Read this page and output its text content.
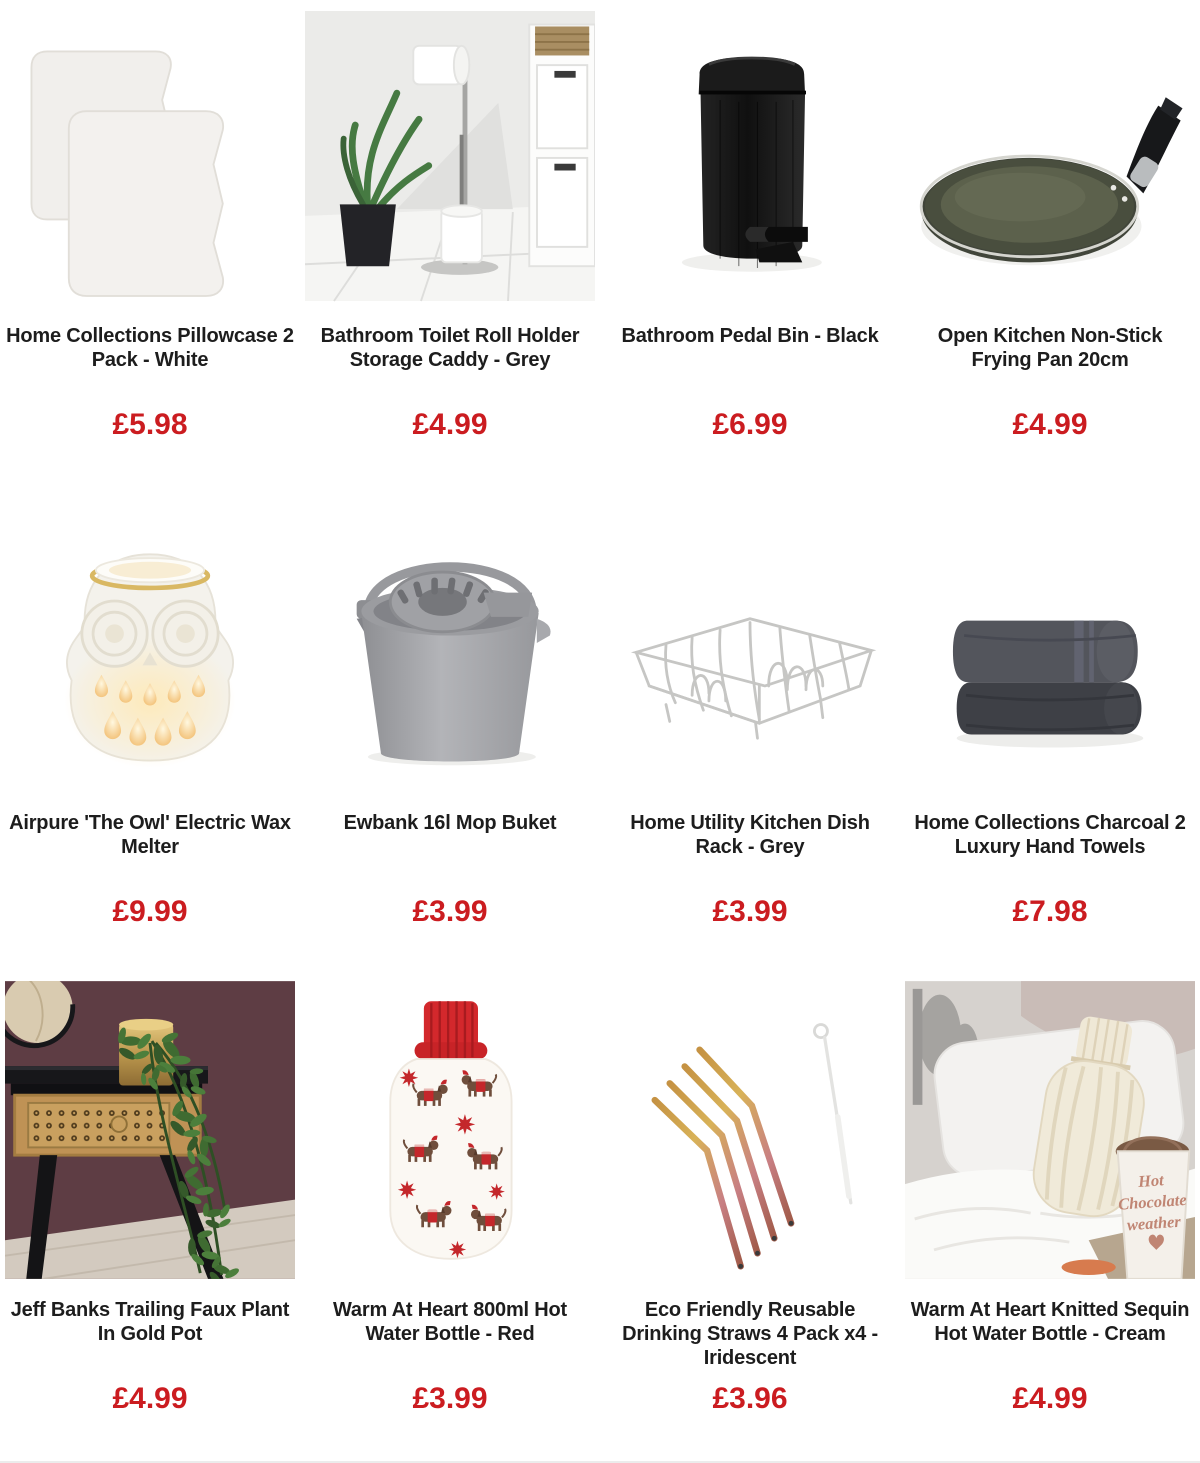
Home Collections Pillowcase 2 Pack - White
£5.98
Bathroom Toilet Roll Holder Storage Caddy - Grey
£4.99
Bathroom Pedal Bin - Black
£6.99
Open Kitchen Non-Stick Frying Pan 20cm
£4.99
Airpure 'The Owl' Electric Wax Melter
£9.99
Ewbank 16l Mop Buket
£3.99
Home Utility Kitchen Dish Rack - Grey
£3.99
Home Collections Charcoal 2 Luxury Hand Towels
£7.98
Jeff Banks Trailing Faux Plant In Gold Pot
£4.99
Warm At Heart 800ml Hot Water Bottle - Red
£3.99
Eco Friendly Reusable Drinking Straws 4 Pack x4 - Iridescent
£3.96
Hot
Chocolate
weather
Warm At Heart Knitted Sequin Hot Water Bottle - Cream
£4.99
